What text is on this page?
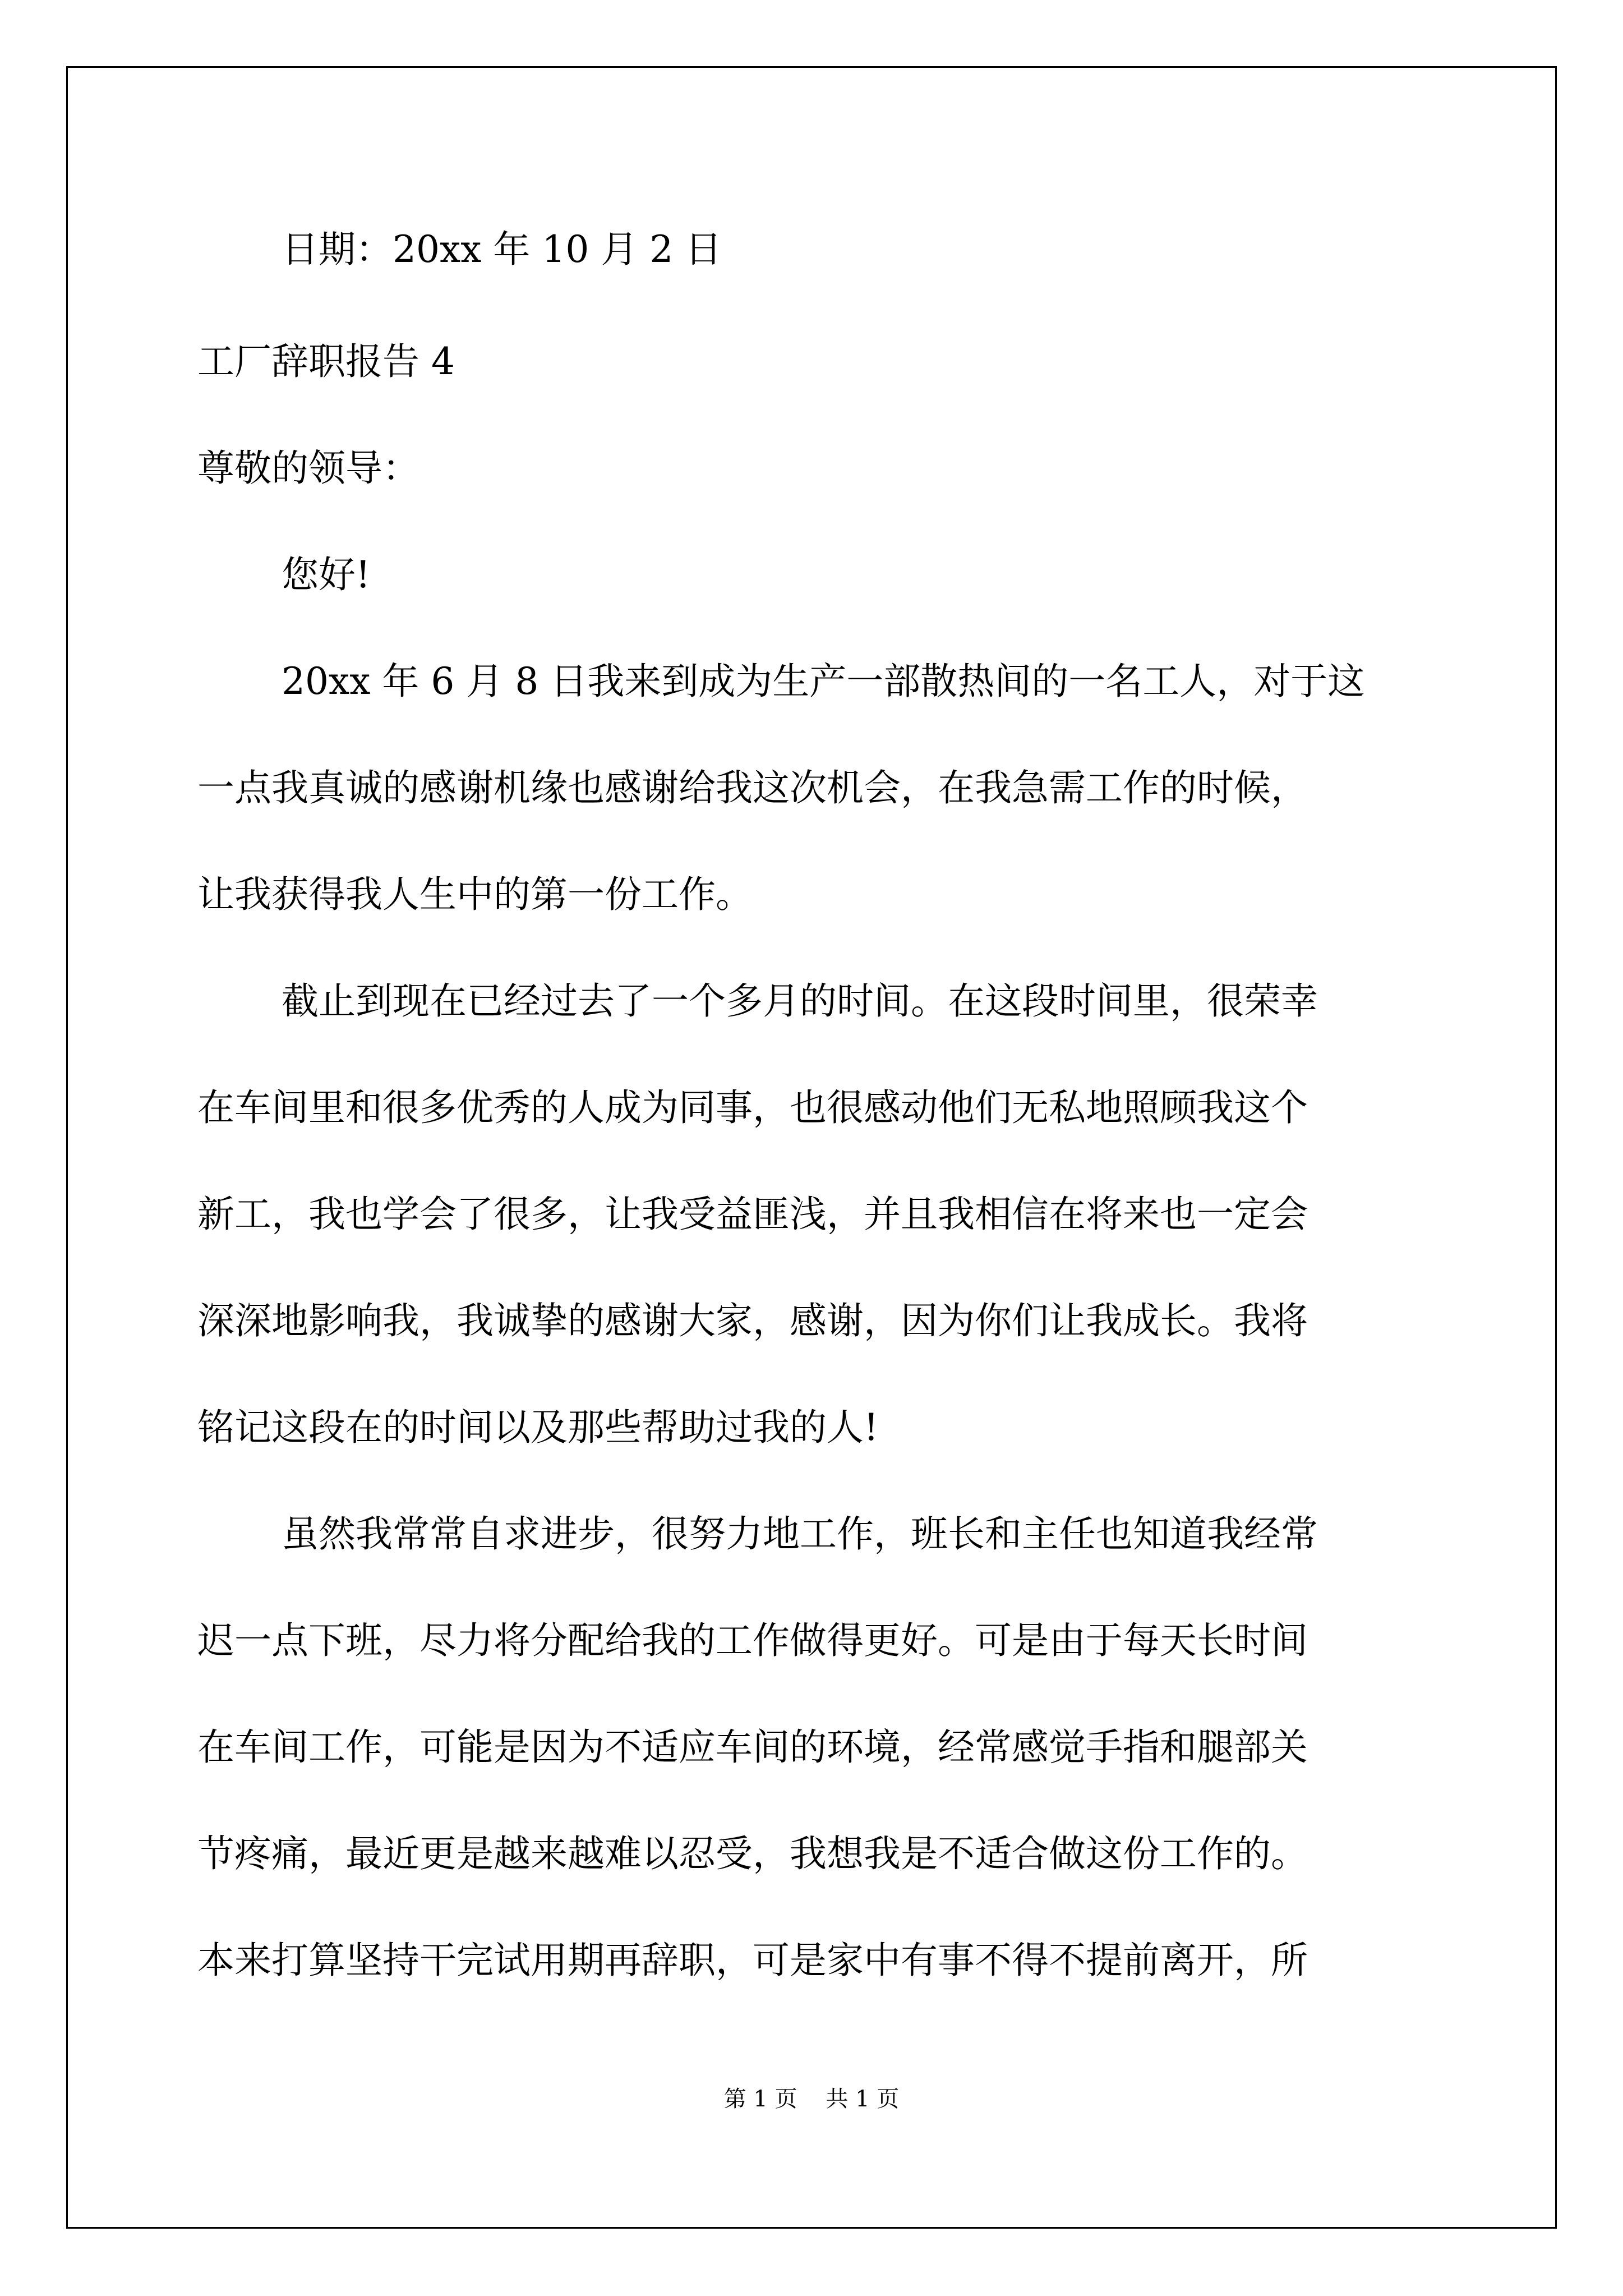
日期：20xx 年 10 月 2 日
工厂辞职报告 4
尊敬的领导：
您好!
20xx 年 6 月 8 日我来到成为生产一部散热间的一名工人，对于这
一点我真诚的感谢机缘也感谢给我这次机会，在我急需工作的时候，
让我获得我人生中的第一份工作。
截止到现在已经过去了一个多月的时间。在这段时间里，很荣幸
在车间里和很多优秀的人成为同事，也很感动他们无私地照顾我这个
新工，我也学会了很多，让我受益匪浅，并且我相信在将来也一定会
深深地影响我，我诚挚的感谢大家，感谢，因为你们让我成长。我将
铭记这段在的时间以及那些帮助过我的人!
虽然我常常自求进步，很努力地工作，班长和主任也知道我经常
迟一点下班，尽力将分配给我的工作做得更好。可是由于每天长时间
在车间工作，可能是因为不适应车间的环境，经常感觉手指和腿部关
节疼痛，最近更是越来越难以忍受，我想我是不适合做这份工作的。
本来打算坚持干完试用期再辞职，可是家中有事不得不提前离开，所
第 1 页    共 1 页
